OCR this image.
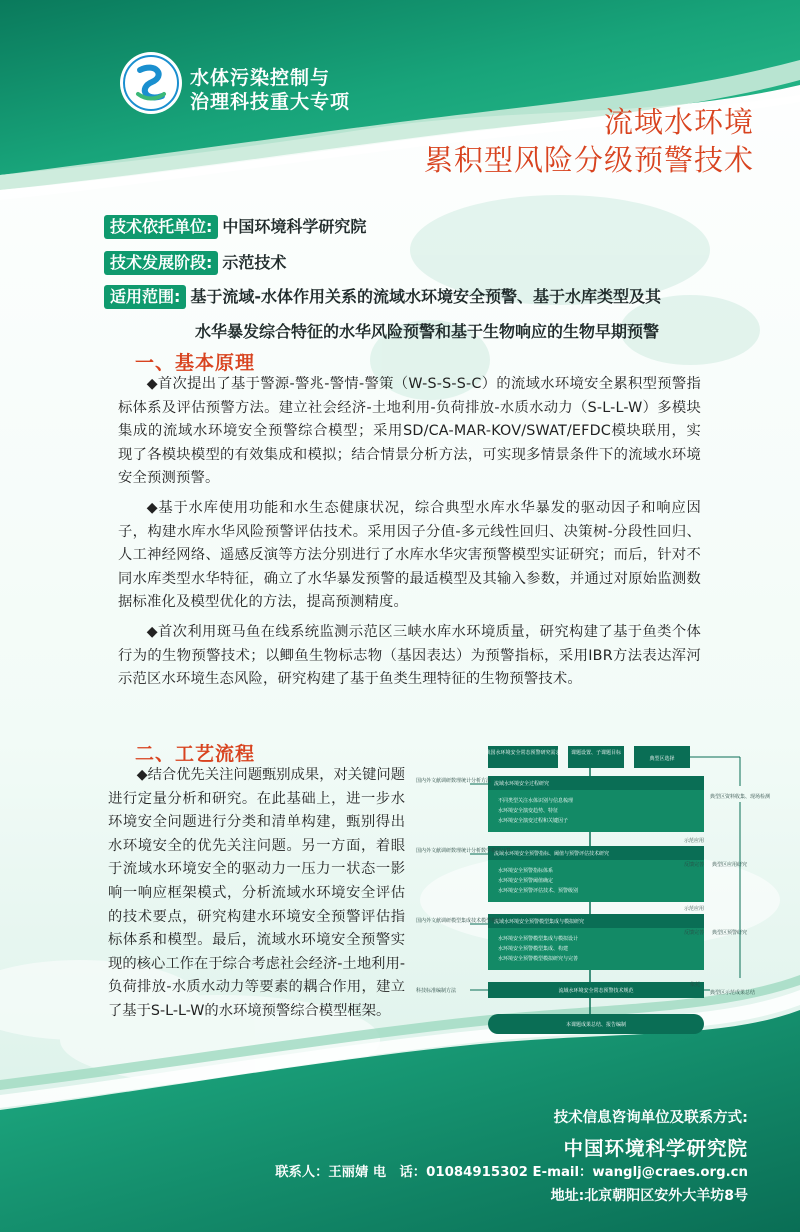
水体污染控制与
治理科技重大专项
流域水环境
累积型风险分级预警技术
技术依托单位: 中国环境科学研究院
技术发展阶段: 示范技术
适用范围: 基于流域-水体作用关系的流域水环境安全预警、基于水库类型及其
水华暴发综合特征的水华风险预警和基于生物响应的生物早期预警
一、基本原理
◆首次提出了基于警源-警兆-警情-警策（W-S-S-S-C）的流域水环境安全累积型预警指标体系及评估预警方法。建立社会经济-土地利用-负荷排放-水质水动力（S-L-L-W）多模块集成的流域水环境安全预警综合模型；采用SD/CA-MAR-KOV/SWAT/EFDC模块联用，实现了各模块模型的有效集成和模拟；结合情景分析方法，可实现多情景条件下的流域水环境安全预测预警。
◆基于水库使用功能和水生态健康状况，综合典型水库水华暴发的驱动因子和响应因子，构建水库水华风险预警评估技术。采用因子分值-多元线性回归、决策树-分段性回归、人工神经网络、遥感反演等方法分别进行了水库水华灾害预警模型实证研究；而后，针对不同水库类型水华特征，确立了水华暴发预警的最适模型及其输入参数，并通过对原始监测数据标准化及模型优化的方法，提高预测精度。
◆首次利用斑马鱼在线系统监测示范区三峡水库水环境质量，研究构建了基于鱼类个体行为的生物预警技术；以鲫鱼生物标志物（基因表达）为预警指标，采用IBR方法表达浑河示范区水环境生态风险，研究构建了基于鱼类生理特征的生物预警技术。
二、工艺流程
◆结合优先关注问题甄别成果，对关键问题进行定量分析和研究。在此基础上，进一步水环境安全问题进行分类和清单构建，甄别得出水环境安全的优先关注问题。另一方面，着眼于流域水环境安全的驱动力一压力一状态一影响一响应框架模式，分析流域水环境安全评估的技术要点，研究构建水环境安全预警评估指标体系和模型。最后，流域水环境安全预警实现的核心工作在于综合考虑社会经济-土地利用-负荷排放-水质水动力等要素的耦合作用，建立了基于S-L-L-W的水环境预警综合模型框架。
我国水环境安全常态预警研究需求 课题设置、子课题目标
典型区选择
流域水环境安全过程研究
不同类型关注水体识别与信息梳理
水环境安全演变趋势、特征
水环境安全演变过程和关键因子
流域水环境安全预警指标、阈值与预警评估技术研究
水环境安全预警指标体系
水环境安全预警阈值确定
水环境安全预警评估技术、预警级别
流域水环境安全预警模型集成与模拟研究
水环境安全预警模型集成与模拟设计
水环境安全预警模型集成、构建
水环境安全预警模型模拟研究与完善
流域水环境安全常态预警技术规范
本课题成果总结、报告编制
国内外文献调研数理统计分析方法
国内外文献调研数理统计分析数学模型计算
国内外文献调研模型集成技术模型模拟
科技标准编制方法
典型区资料收集、现场检测
示范应用
典型区应用研究
反馈完善
示范应用
典型区预警研究
反馈完善
依托
典型区示范成果总结
技术信息咨询单位及联系方式:
中国环境科学研究院
联系人：王丽婧 电　话：01084915302 E-mail：wanglj@craes.org.cn
地址:北京朝阳区安外大羊坊8号
